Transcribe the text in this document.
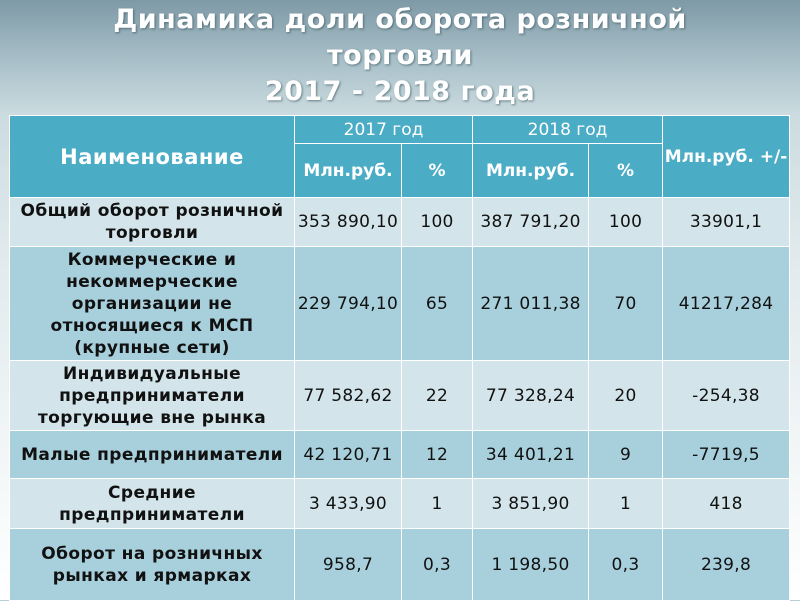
Динамика доли оборота розничной
торговли
2017 - 2018 года
Наименование	2017 год		2018 год		Млн.руб. +/-
	Млн.руб.	%	Млн.руб.	%	
Общий оборот розничной торговли	353 890,10	100	387 791,20	100	33901,1
Коммерческие и некоммерческие организации не относящиеся к МСП (крупные сети)	229 794,10	65	271 011,38	70	41217,284
Индивидуальные предприниматели торгующие вне рынка	77 582,62	22	77 328,24	20	-254,38
Малые предприниматели	42 120,71	12	34 401,21	9	-7719,5
Средние предприниматели	3 433,90	1	3 851,90	1	418
Оборот на розничных рынках и ярмарках	958,7	0,3	1 198,50	0,3	239,8
